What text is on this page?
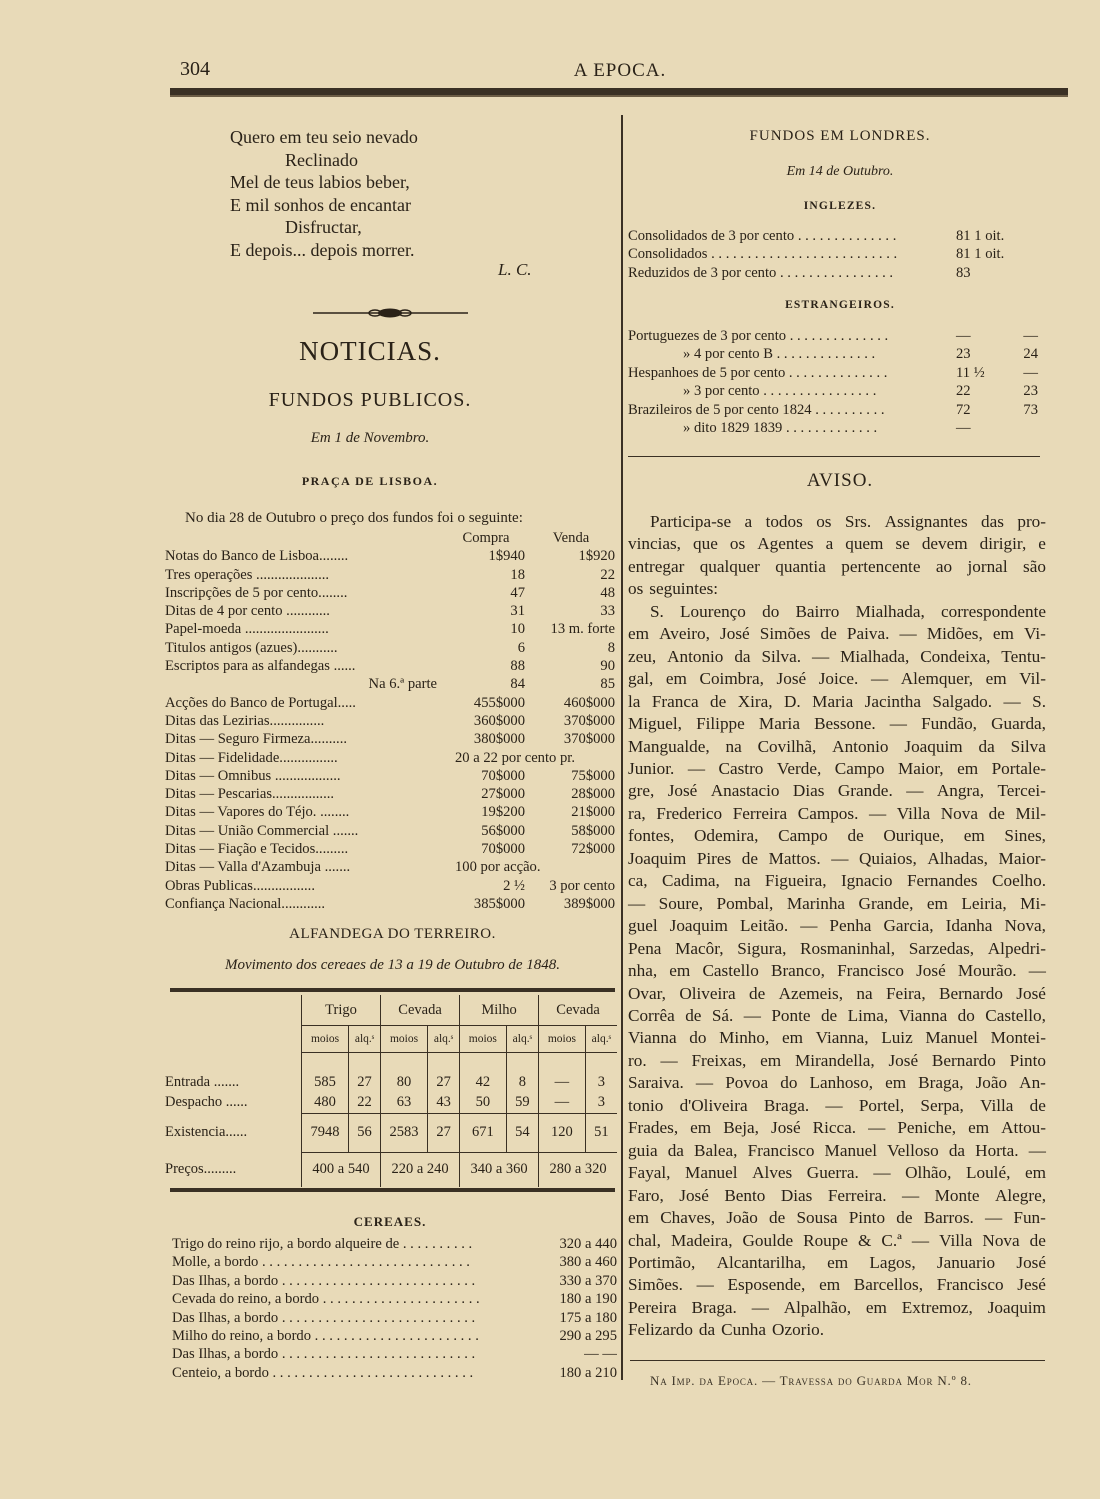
304	A EPOCA.
Quero em teu seio nevado
Reclinado
Mel de teus labios beber,
E mil sonhos de encantar
Disfructar,
E depois... depois morrer.
L. C.
NOTICIAS.
FUNDOS PUBLICOS.
Em 1 de Novembro.
PRAÇA DE LISBOA.
No dia 28 de Outubro o preço dos fundos foi o seguinte:
Compra	Venda
Notas do Banco de Lisboa........	1$940	1$920
Tres operações ....................	18	22
Inscripções de 5 por cento........	47	48
Ditas de 4 por cento ............	31	33
Papel-moeda .......................	10	13 m. forte
Titulos antigos (azues)...........	6	8
Escriptos para as alfandegas ......	88	90
Na 6.ª parte	84	85
Acções do Banco de Portugal.....	455$000	460$000
Ditas das Lezirias...............	360$000	370$000
Ditas — Seguro Firmeza..........	380$000	370$000
Ditas — Fidelidade................	20 a 22 por cento pr.
Ditas — Omnibus ..................	70$000	75$000
Ditas — Pescarias.................	27$000	28$000
Ditas — Vapores do Téjo. ........	19$200	21$000
Ditas — União Commercial .......	56$000	58$000
Ditas — Fiação e Tecidos.........	70$000	72$000
Ditas — Valla d'Azambuja .......	100 por acção.
Obras Publicas.................	2 ½	3 por cento
Confiança Nacional............	385$000	389$000
ALFANDEGA DO TERREIRO.
Movimento dos cereaes de 13 a 19 de Outubro de 1848.
	Trigo		Cevada		Milho		Cevada	
	moios	alq.ˢ	moios	alq.ˢ	moios	alq.ˢ	moios	alq.ˢ

Entrada .......	585	27	80	27	42	8	—	3
Despacho ......	480	22	63	43	50	59	—	3
Existencia......	7948	56	2583	27	671	54	120	51
Preços.........	400 a 540		220 a 240		340 a 360		280 a 320	
CEREAES.
Trigo do reino rijo, a bordo alqueire de . . . . . . . . . .	320 a 440
Molle, a bordo . . . . . . . . . . . . . . . . . . . . . . . . . . . . .	380 a 460
Das Ilhas, a bordo . . . . . . . . . . . . . . . . . . . . . . . . . . .	330 a 370
Cevada do reino, a bordo . . . . . . . . . . . . . . . . . . . . . .	180 a 190
Das Ilhas, a bordo . . . . . . . . . . . . . . . . . . . . . . . . . . .	175 a 180
Milho do reino, a bordo . . . . . . . . . . . . . . . . . . . . . . .	290 a 295
Das Ilhas, a bordo . . . . . . . . . . . . . . . . . . . . . . . . . . .	— —
Centeio, a bordo . . . . . . . . . . . . . . . . . . . . . . . . . . . .	180 a 210
FUNDOS EM LONDRES.
Em 14 de Outubro.
INGLEZES.
Consolidados de 3 por cento . . . . . . . . . . . . . .	81 1 oit.
Consolidados . . . . . . . . . . . . . . . . . . . . . . . . . .	81 1 oit.
Reduzidos de 3 por cento . . . . . . . . . . . . . . . .	83
ESTRANGEIROS.
Portuguezes de 3 por cento . . . . . . . . . . . . . .	—	—
» 4 por cento B . . . . . . . . . . . . . .	23	24
Hespanhoes de 5 por cento . . . . . . . . . . . . . .	11 ½	—
» 3 por cento . . . . . . . . . . . . . . . .	22	23
Brazileiros de 5 por cento 1824 . . . . . . . . . .	72	73
» dito 1829 1839 . . . . . . . . . . . . .	—
AVISO.
Participa-se a todos os Srs. Assignantes das pro-
vincias, que os Agentes a quem se devem dirigir, e
entregar qualquer quantia pertencente ao jornal são
os seguintes:
S. Lourenço do Bairro Mialhada, correspondente
em Aveiro, José Simões de Paiva. — Midões, em Vi-
zeu, Antonio da Silva. — Mialhada, Condeixa, Tentu-
gal, em Coimbra, José Joice. — Alemquer, em Vil-
la Franca de Xira, D. Maria Jacintha Salgado. — S.
Miguel, Filippe Maria Bessone. — Fundão, Guarda,
Mangualde, na Covilhã, Antonio Joaquim da Silva
Junior. — Castro Verde, Campo Maior, em Portale-
gre, José Anastacio Dias Grande. — Angra, Tercei-
ra, Frederico Ferreira Campos. — Villa Nova de Mil-
fontes, Odemira, Campo de Ourique, em Sines,
Joaquim Pires de Mattos. — Quiaios, Alhadas, Maior-
ca, Cadima, na Figueira, Ignacio Fernandes Coelho.
— Soure, Pombal, Marinha Grande, em Leiria, Mi-
guel Joaquim Leitão. — Penha Garcia, Idanha Nova,
Pena Macôr, Sigura, Rosmaninhal, Sarzedas, Alpedri-
nha, em Castello Branco, Francisco José Mourão. —
Ovar, Oliveira de Azemeis, na Feira, Bernardo José
Corrêa de Sá. — Ponte de Lima, Vianna do Castello,
Vianna do Minho, em Vianna, Luiz Manuel Montei-
ro. — Freixas, em Mirandella, José Bernardo Pinto
Saraiva. — Povoa do Lanhoso, em Braga, João An-
tonio d'Oliveira Braga. — Portel, Serpa, Villa de
Frades, em Beja, José Ricca. — Peniche, em Attou-
guia da Balea, Francisco Manuel Velloso da Horta. —
Fayal, Manuel Alves Guerra. — Olhão, Loulé, em
Faro, José Bento Dias Ferreira. — Monte Alegre,
em Chaves, João de Sousa Pinto de Barros. — Fun-
chal, Madeira, Goulde Roupe & C.ª — Villa Nova de
Portimão, Alcantarilha, em Lagos, Januario José
Simões. — Esposende, em Barcellos, Francisco Jesé
Pereira Braga. — Alpalhão, em Extremoz, Joaquim
Felizardo da Cunha Ozorio.
Na Imp. da Epoca. — Travessa do Guarda Mor N.º 8.
